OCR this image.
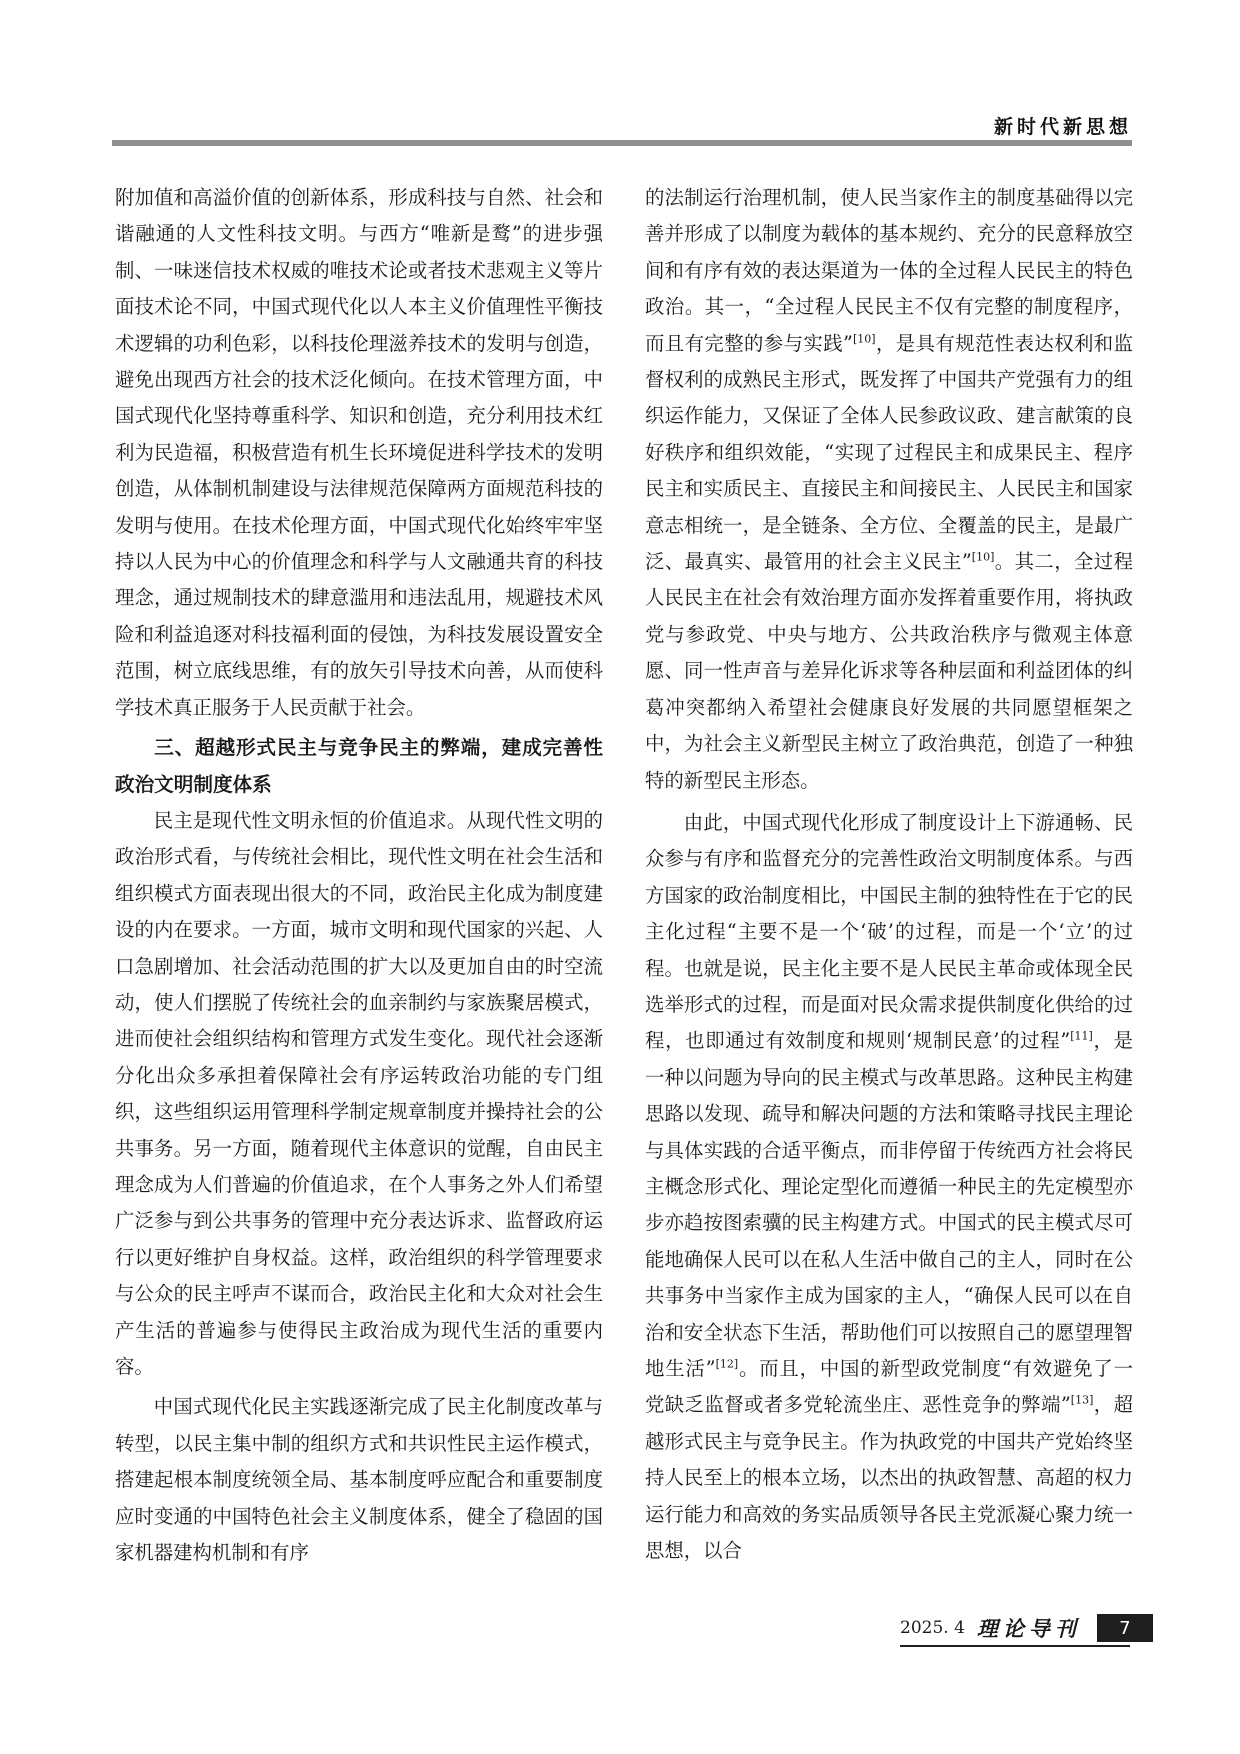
新时代新思想

附加值和高溢价值的创新体系，形成科技与自然、社会和谐融通的人文性科技文明。与西方“唯新是鹜”的进步强制、一味迷信技术权威的唯技术论或者技术悲观主义等片面技术论不同，中国式现代化以人本主义价值理性平衡技术逻辑的功利色彩，以科技伦理滋养技术的发明与创造，避免出现西方社会的技术泛化倾向。在技术管理方面，中国式现代化坚持尊重科学、知识和创造，充分利用技术红利为民造福，积极营造有机生长环境促进科学技术的发明创造，从体制机制建设与法律规范保障两方面规范科技的发明与使用。在技术伦理方面，中国式现代化始终牢牢坚持以人民为中心的价值理念和科学与人文融通共育的科技理念，通过规制技术的肆意滥用和违法乱用，规避技术风险和利益追逐对科技福利面的侵蚀，为科技发展设置安全范围，树立底线思维，有的放矢引导技术向善，从而使科学技术真正服务于人民贡献于社会。

三、超越形式民主与竞争民主的弊端，建成完善性政治文明制度体系

民主是现代性文明永恒的价值追求。从现代性文明的政治形式看，与传统社会相比，现代性文明在社会生活和组织模式方面表现出很大的不同，政治民主化成为制度建设的内在要求。一方面，城市文明和现代国家的兴起、人口急剧增加、社会活动范围的扩大以及更加自由的时空流动，使人们摆脱了传统社会的血亲制约与家族聚居模式，进而使社会组织结构和管理方式发生变化。现代社会逐渐分化出众多承担着保障社会有序运转政治功能的专门组织，这些组织运用管理科学制定规章制度并操持社会的公共事务。另一方面，随着现代主体意识的觉醒，自由民主理念成为人们普遍的价值追求，在个人事务之外人们希望广泛参与到公共事务的管理中充分表达诉求、监督政府运行以更好维护自身权益。这样，政治组织的科学管理要求与公众的民主呼声不谋而合，政治民主化和大众对社会生产生活的普遍参与使得民主政治成为现代生活的重要内容。

中国式现代化民主实践逐渐完成了民主化制度改革与转型，以民主集中制的组织方式和共识性民主运作模式，搭建起根本制度统领全局、基本制度呼应配合和重要制度应时变通的中国特色社会主义制度体系，健全了稳固的国家机器建构机制和有序

的法制运行治理机制，使人民当家作主的制度基础得以完善并形成了以制度为载体的基本规约、充分的民意释放空间和有序有效的表达渠道为一体的全过程人民民主的特色政治。其一，“全过程人民民主不仅有完整的制度程序，而且有完整的参与实践”[10]，是具有规范性表达权利和监督权利的成熟民主形式，既发挥了中国共产党强有力的组织运作能力，又保证了全体人民参政议政、建言献策的良好秩序和组织效能，“实现了过程民主和成果民主、程序民主和实质民主、直接民主和间接民主、人民民主和国家意志相统一，是全链条、全方位、全覆盖的民主，是最广泛、最真实、最管用的社会主义民主”[10]。其二，全过程人民民主在社会有效治理方面亦发挥着重要作用，将执政党与参政党、中央与地方、公共政治秩序与微观主体意愿、同一性声音与差异化诉求等各种层面和利益团体的纠葛冲突都纳入希望社会健康良好发展的共同愿望框架之中，为社会主义新型民主树立了政治典范，创造了一种独特的新型民主形态。

由此，中国式现代化形成了制度设计上下游通畅、民众参与有序和监督充分的完善性政治文明制度体系。与西方国家的政治制度相比，中国民主制的独特性在于它的民主化过程“主要不是一个‘破’的过程，而是一个‘立’的过程。也就是说，民主化主要不是人民民主革命或体现全民选举形式的过程，而是面对民众需求提供制度化供给的过程，也即通过有效制度和规则‘规制民意’的过程”[11]，是一种以问题为导向的民主模式与改革思路。这种民主构建思路以发现、疏导和解决问题的方法和策略寻找民主理论与具体实践的合适平衡点，而非停留于传统西方社会将民主概念形式化、理论定型化而遵循一种民主的先定模型亦步亦趋按图索骥的民主构建方式。中国式的民主模式尽可能地确保人民可以在私人生活中做自己的主人，同时在公共事务中当家作主成为国家的主人，“确保人民可以在自治和安全状态下生活，帮助他们可以按照自己的愿望理智地生活”[12]。而且，中国的新型政党制度“有效避免了一党缺乏监督或者多党轮流坐庄、恶性竞争的弊端”[13]，超越形式民主与竞争民主。作为执政党的中国共产党始终坚持人民至上的根本立场，以杰出的执政智慧、高超的权力运行能力和高效的务实品质领导各民主党派凝心聚力统一思想，以合

2025. 4 理论导刊	7
